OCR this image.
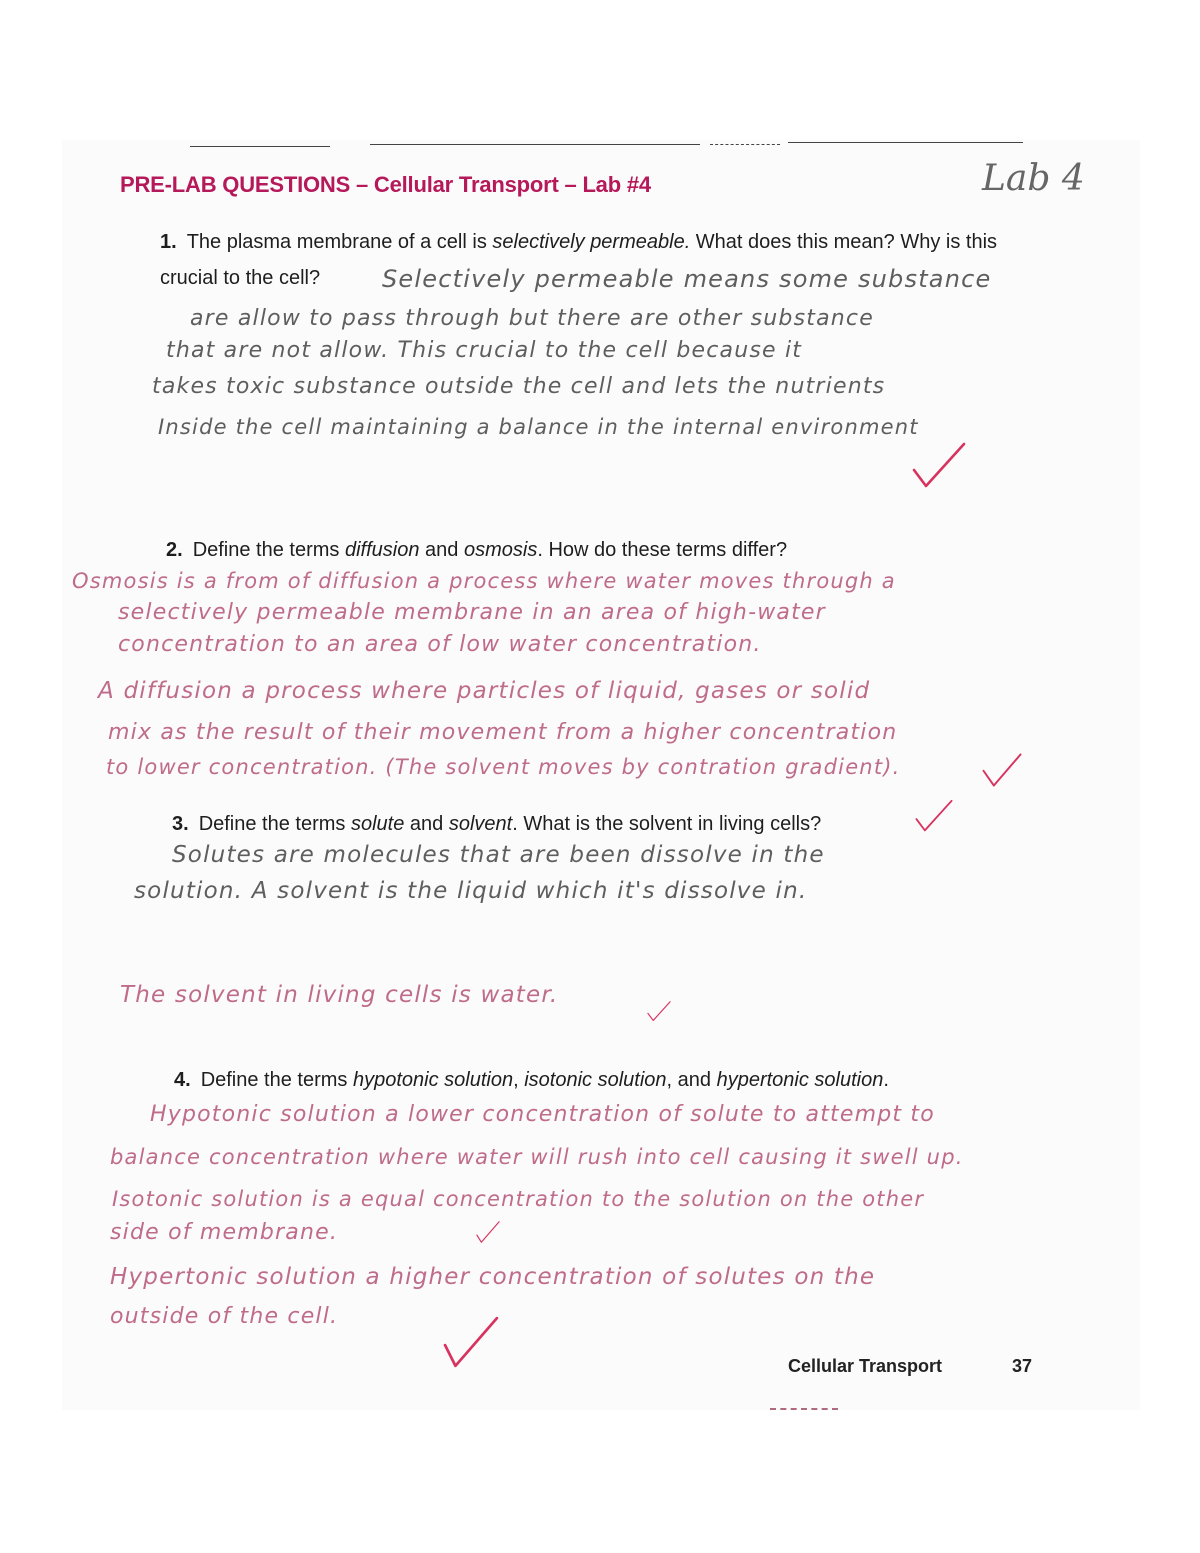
PRE-LAB QUESTIONS – Cellular Transport – Lab #4	Lab 4
1. The plasma membrane of a cell is selectively permeable. What does this mean? Why is this crucial to the cell?	Selectively permeable means some substance
are allow to pass through but there are other substance
that are not allow. This crucial to the cell because it
takes toxic substance outside the cell and lets the nutrients
Inside the cell maintaining a balance in the internal environment
2. Define the terms diffusion and osmosis. How do these terms differ?
Osmosis is a from of diffusion a process where water moves through a
selectively permeable membrane in an area of high-water
concentration to an area of low water concentration.
A diffusion a process where particles of liquid, gases or solid
mix as the result of their movement from a higher concentration
to lower concentration. (The solvent moves by contration gradient).
3. Define the terms solute and solvent. What is the solvent in living cells?
Solutes are molecules that are been dissolve in the
solution. A solvent is the liquid which it's dissolve in.
The solvent in living cells is water.
4. Define the terms hypotonic solution, isotonic solution, and hypertonic solution.
Hypotonic solution a lower concentration of solute to attempt to
balance concentration where water will rush into cell causing it swell up.
Isotonic solution is a equal concentration to the solution on the other
side of membrane.
Hypertonic solution a higher concentration of solutes on the
outside of the cell.
Cellular Transport	37
